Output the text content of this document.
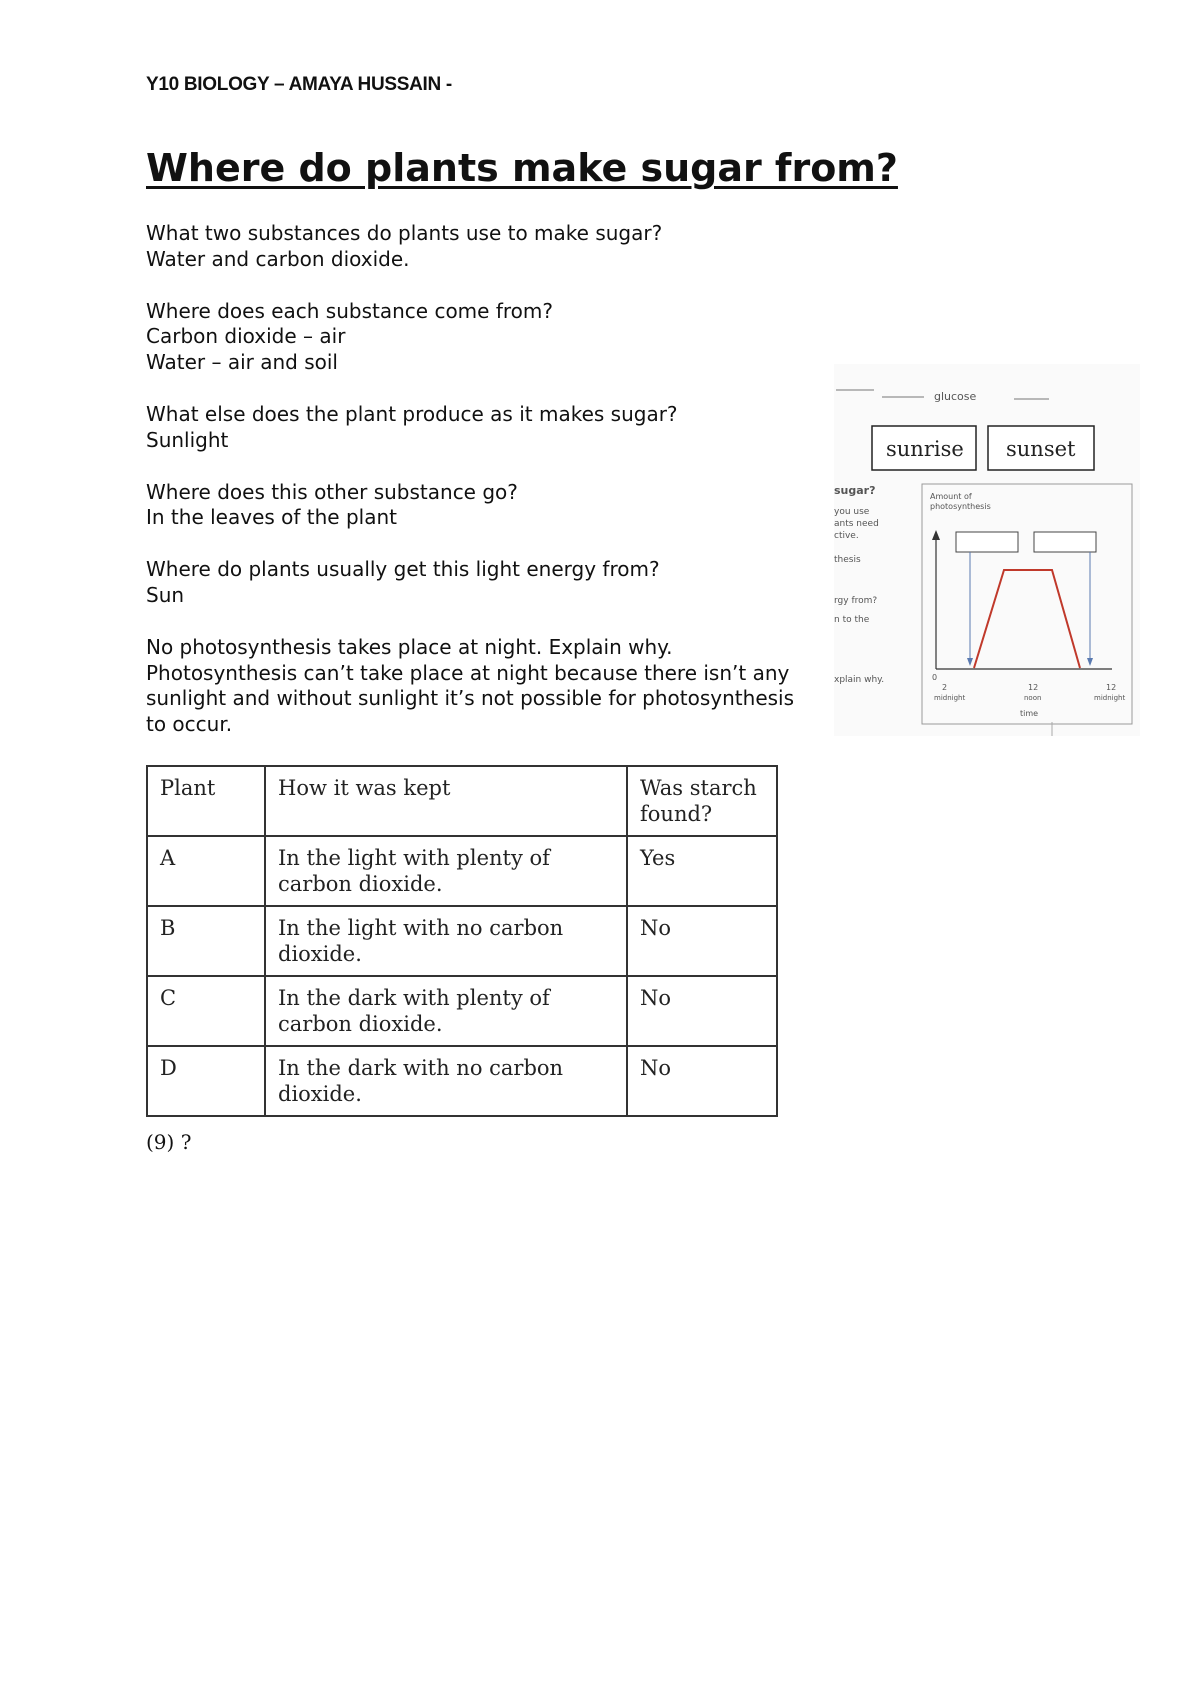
Y10 BIOLOGY – AMAYA HUSSAIN -
Where do plants make sugar from?

What two substances do plants use to make sugar?
Water and carbon dioxide.

Where does each substance come from?
Carbon dioxide – air
Water – air and soil

What else does the plant produce as it makes sugar?
Sunlight

Where does this other substance go?
In the leaves of the plant

Where do plants usually get this light energy from?
Sun

No photosynthesis takes place at night. Explain why.
Photosynthesis can’t take place at night because there isn’t any sunlight and without sunlight it’s not possible for photosynthesis to occur.

glucose
sunrise sunset
sugar?
you use
ants need
ctive.
thesis
rgy from?
n to the
xplain why.
Amount of
photosynthesis
0
2	12	12
midnight	noon	midnight
time
Plant	How it was kept	Was starch found?
A	In the light with plenty of carbon dioxide.	Yes
B	In the light with no carbon dioxide.	No
C	In the dark with plenty of carbon dioxide.	No
D	In the dark with no carbon dioxide.	No
(9) ?
